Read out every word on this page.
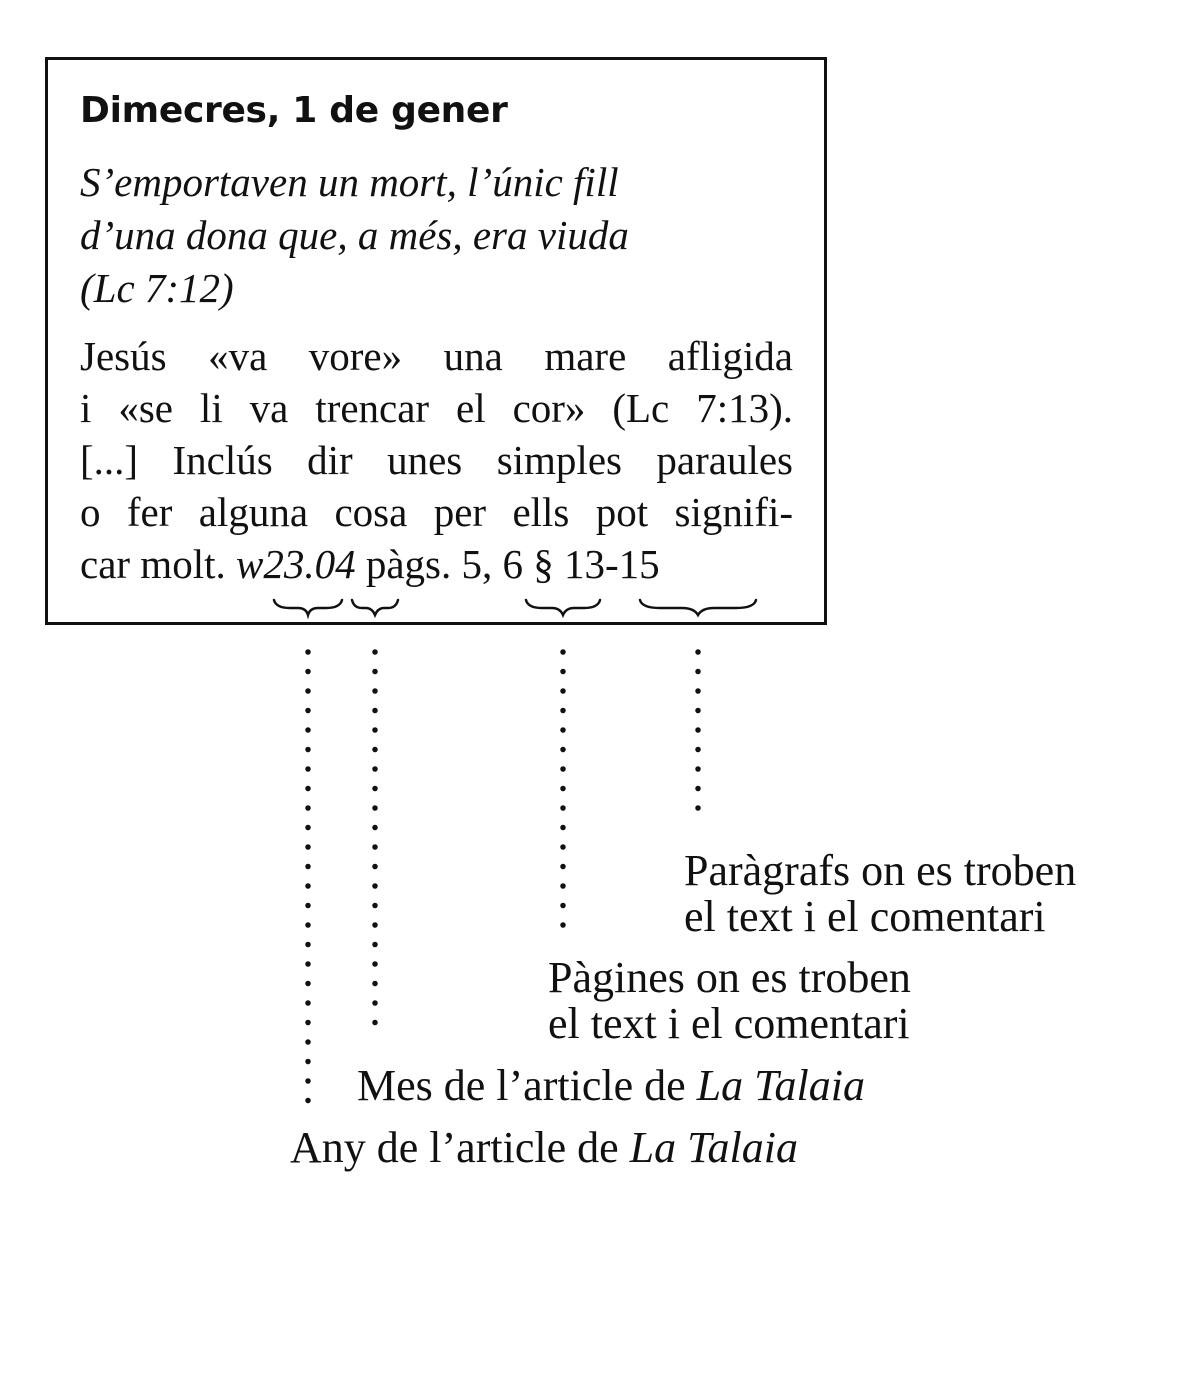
Dimecres, 1 de gener
S’emportaven un mort, l’únic fill
d’una dona que, a més, era viuda
(Lc 7:12)
Jesús «va vore» una mare afligida
i «se li va trencar el cor» (Lc 7:13).
[...] Inclús dir unes simples paraules
o fer alguna cosa per ells pot signifi-
car molt. w23.04 pàgs. 5, 6 § 13-15
Paràgrafs on es troben
el text i el comentari
Pàgines on es troben
el text i el comentari
Mes de l’article de La Talaia
Any de l’article de La Talaia
